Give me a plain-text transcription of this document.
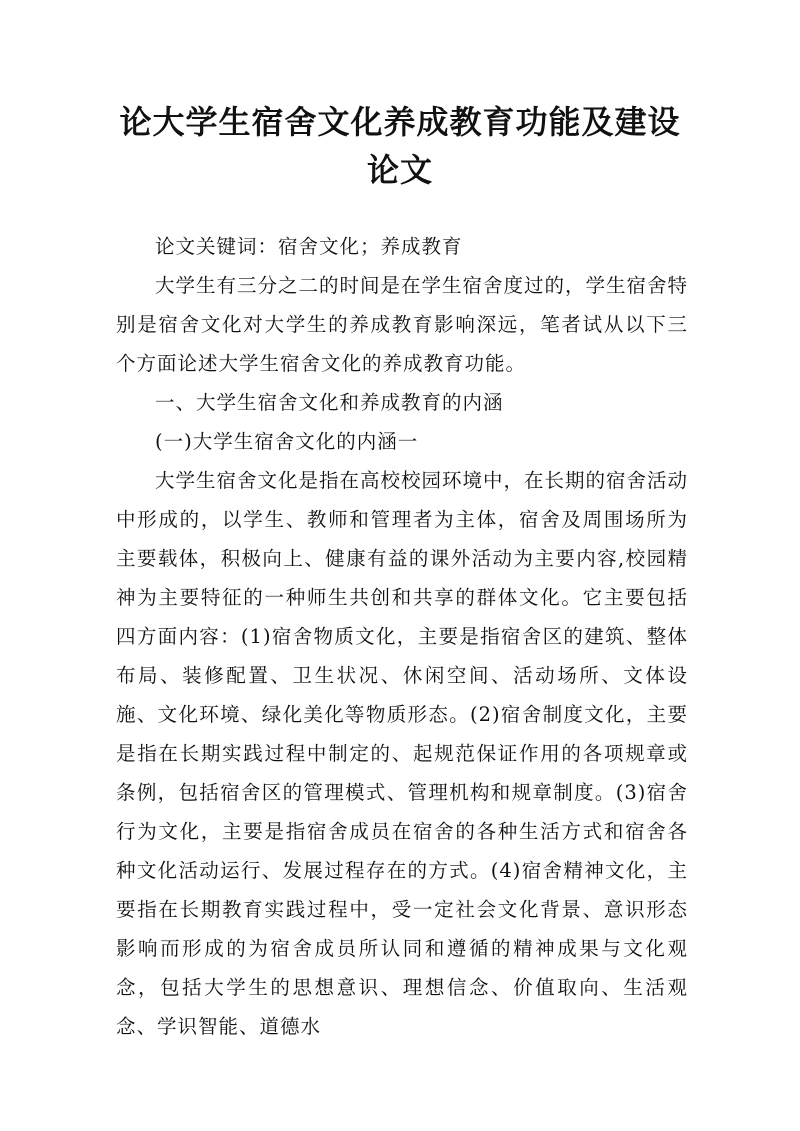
论大学生宿舍文化养成教育功能及建设论文

论文关键词：宿舍文化；养成教育

大学生有三分之二的时间是在学生宿舍度过的，学生宿舍特别是宿舍文化对大学生的养成教育影响深远，笔者试从以下三个方面论述大学生宿舍文化的养成教育功能。

一、大学生宿舍文化和养成教育的内涵

(一)大学生宿舍文化的内涵一

大学生宿舍文化是指在高校校园环境中，在长期的宿舍活动中形成的，以学生、教师和管理者为主体，宿舍及周围场所为主要载体，积极向上、健康有益的课外活动为主要内容,校园精神为主要特征的一种师生共创和共享的群体文化。它主要包括四方面内容：(1)宿舍物质文化，主要是指宿舍区的建筑、整体布局、装修配置、卫生状况、休闲空间、活动场所、文体设施、文化环境、绿化美化等物质形态。(2)宿舍制度文化，主要是指在长期实践过程中制定的、起规范保证作用的各项规章或条例，包括宿舍区的管理模式、管理机构和规章制度。(3)宿舍行为文化，主要是指宿舍成员在宿舍的各种生活方式和宿舍各种文化活动运行、发展过程存在的方式。(4)宿舍精神文化，主要指在长期教育实践过程中，受一定社会文化背景、意识形态影响而形成的为宿舍成员所认同和遵循的精神成果与文化观念，包括大学生的思想意识、理想信念、价值取向、生活观念、学识智能、道德水
